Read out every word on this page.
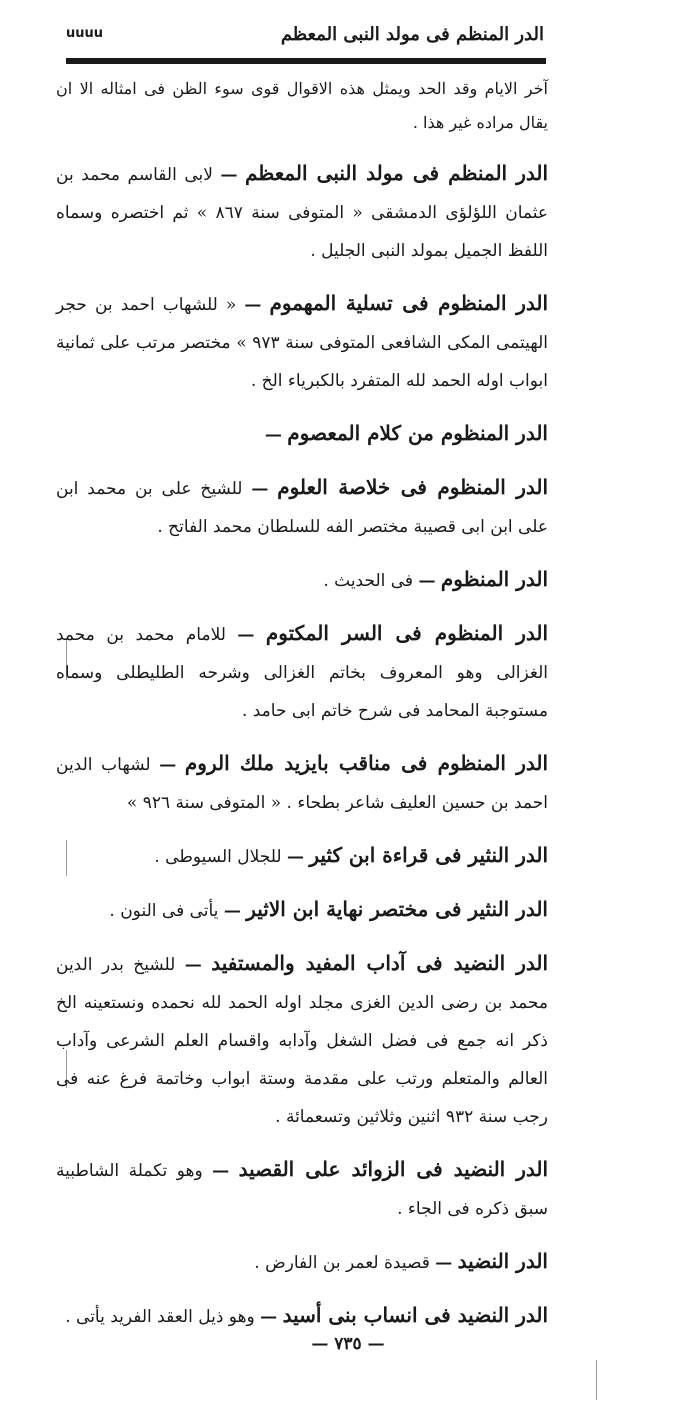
الدر المنظم فى مولد النبى المعظم
uuuu

آخر الايام وقد الحد ويمثل هذه الاقوال قوى سوء الظن فى امثاله الا ان يقال مراده غير هذا .

الدر المنظم فى مولد النبى المعظم — لابى القاسم محمد بن عثمان اللؤلؤى الدمشقى « المتوفى سنة ٨٦٧ » ثم اختصره وسماه اللفظ الجميل بمولد النبى الجليل .

الدر المنظوم فى تسلية المهموم — « للشهاب احمد بن حجر الهيتمى المكى الشافعى المتوفى سنة ٩٧٣ » مختصر مرتب على ثمانية ابواب اوله الحمد لله المتفرد بالكبرياء الخ .

الدر المنظوم من كلام المعصوم —

الدر المنظوم فى خلاصة العلوم — للشيخ على بن محمد ابن على ابن ابى قصيبة مختصر الفه للسلطان محمد الفاتح .

الدر المنظوم — فى الحديث .

الدر المنظوم فى السر المكتوم — للامام محمد بن محمد الغزالى وهو المعروف بخاتم الغزالى وشرحه الطليطلى وسماه مستوجبة المحامد فى شرح خاتم ابى حامد .

الدر المنظوم فى مناقب بايزيد ملك الروم — لشهاب الدين احمد بن حسين العليف شاعر بطحاء . « المتوفى سنة ٩٢٦ »

الدر النثير فى قراءة ابن كثير — للجلال السيوطى .

الدر النثير فى مختصر نهاية ابن الاثير — يأتى فى النون .

الدر النضيد فى آداب المفيد والمستفيد — للشيخ بدر الدين محمد بن رضى الدين الغزى مجلد اوله الحمد لله نحمده ونستعينه الخ ذكر انه جمع فى فضل الشغل وآدابه واقسام العلم الشرعى وآداب العالم والمتعلم ورتب على مقدمة وستة ابواب وخاتمة فرغ عنه فى رجب سنة ٩٣٢ اثنين وثلاثين وتسعمائة .

الدر النضيد فى الزوائد على القصيد — وهو تكملة الشاطبية سبق ذكره فى الجاء .

الدر النضيد — قصيدة لعمر بن الفارض .

الدر النضيد فى انساب بنى أسيد — وهو ذيل العقد الفريد يأتى .

— ٧٣٥ —
